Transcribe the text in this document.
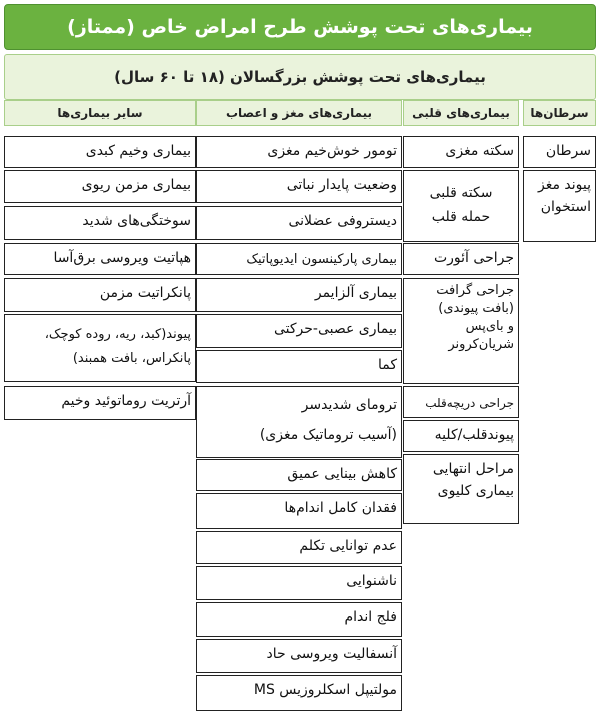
بیماری‌های تحت پوشش طرح امراض خاص (ممتاز)
بیماری‌های تحت پوشش بزرگسالان (۱۸ تا ۶۰ سال)
سرطان‌ها
سرطان
پیوند مغز
استخوان
بیماری‌های قلبی
سکته مغزی
سکته قلبی
حمله قلب
جراحی آئورت
جراحی گرافت
(بافت پیوندی)
و بای‌پس
شریان‌کرونر
جراحی دریچه‌قلب
پیوندقلب/کلیه
مراحل انتهایی
بیماری کلیوی
بیماری‌های مغز و اعصاب
تومور خوش‌خیم مغزی
وضعیت پایدار نباتی
دیستروفی عضلانی
بیماری پارکینسون ایدیوپاتیک
بیماری آلزایمر
بیماری عصبی-حرکتی
کما
ترومای شدیدسر
(آسیب تروماتیک مغزی)
کاهش بینایی عمیق
فقدان کامل اندام‌ها
عدم توانایی تکلم
ناشنوایی
فلج اندام
آنسفالیت ویروسی حاد
مولتیپل اسکلروزیس MS
سایر بیماری‌ها
بیماری وخیم کبدی
بیماری مزمن ریوی
سوختگی‌های شدید
هپاتیت ویروسی برق‌آسا
پانکراتیت مزمن
پیوند(کبد، ریه، روده کوچک،
پانکراس، بافت همبند)
آرتریت روماتوئید وخیم
